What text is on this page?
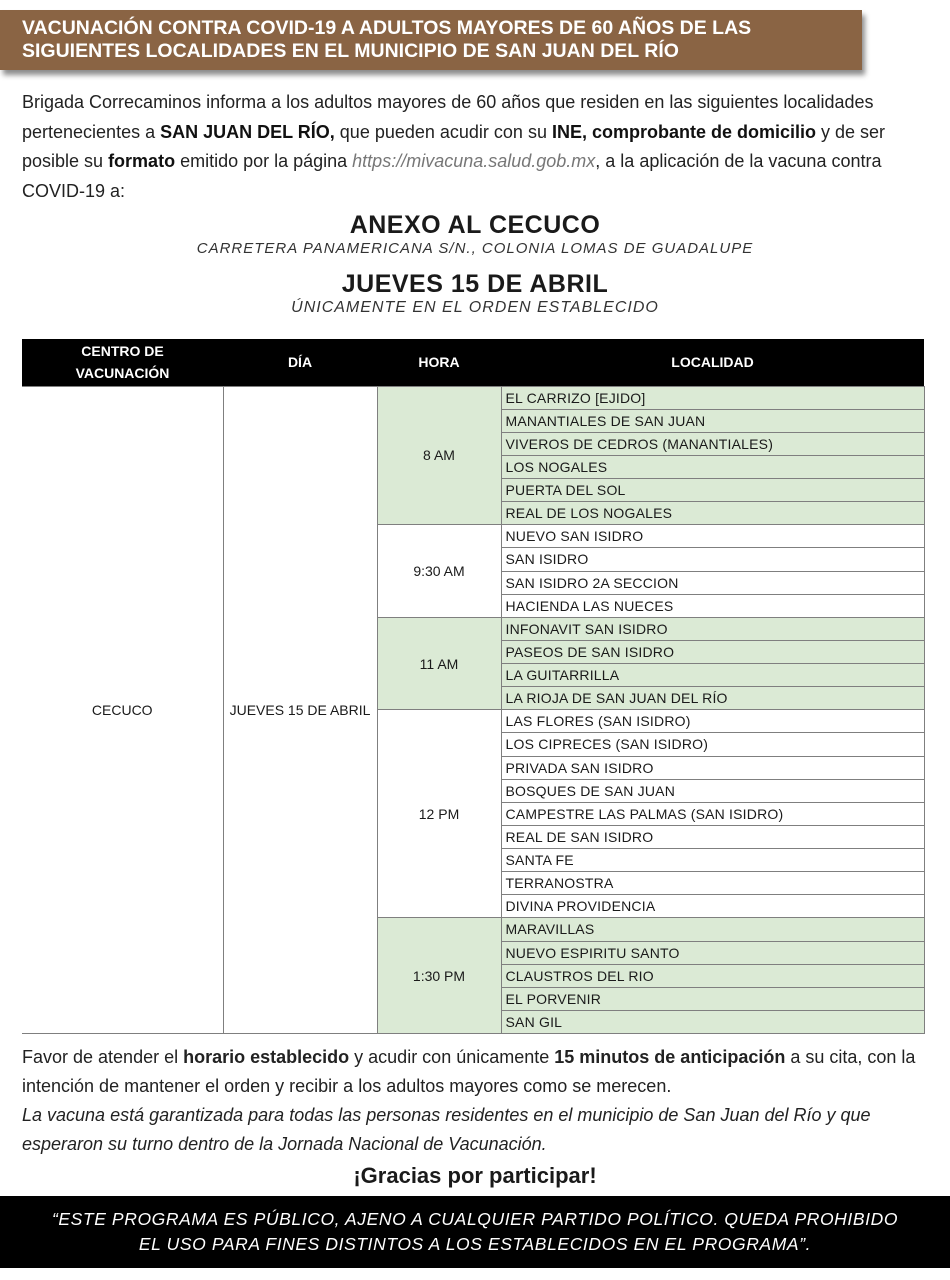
VACUNACIÓN CONTRA COVID-19 A ADULTOS MAYORES DE 60 AÑOS DE LAS
SIGUIENTES LOCALIDADES EN EL MUNICIPIO DE SAN JUAN DEL RÍO

Brigada Correcaminos informa a los adultos mayores de 60 años que residen en las siguientes localidades pertenecientes a SAN JUAN DEL RÍO, que pueden acudir con su INE, comprobante de domicilio y de ser posible su formato emitido por la página https://mivacuna.salud.gob.mx, a la aplicación de la vacuna contra COVID-19 a:

ANEXO AL CECUCO
CARRETERA PANAMERICANA S/N., COLONIA LOMAS DE GUADALUPE
JUEVES 15 DE ABRIL
ÚNICAMENTE EN EL ORDEN ESTABLECIDO
CENTRO DE
VACUNACIÓN	DÍA	HORA	LOCALIDAD
CECUCO	JUEVES 15 DE ABRIL	8 AM	EL CARRIZO [EJIDO]
			MANANTIALES DE SAN JUAN
			VIVEROS DE CEDROS (MANANTIALES)
			LOS NOGALES
			PUERTA DEL SOL
			REAL DE LOS NOGALES
		9:30 AM	NUEVO SAN ISIDRO
			SAN ISIDRO
			SAN ISIDRO 2A SECCION
			HACIENDA LAS NUECES
		11 AM	INFONAVIT SAN ISIDRO
			PASEOS DE SAN ISIDRO
			LA GUITARRILLA
			LA RIOJA DE SAN JUAN DEL RÍO
		12 PM	LAS FLORES (SAN ISIDRO)
			LOS CIPRECES (SAN ISIDRO)
			PRIVADA SAN ISIDRO
			BOSQUES DE SAN JUAN
			CAMPESTRE LAS PALMAS (SAN ISIDRO)
			REAL DE SAN ISIDRO
			SANTA FE
			TERRANOSTRA
			DIVINA PROVIDENCIA
		1:30 PM	MARAVILLAS
			NUEVO ESPIRITU SANTO
			CLAUSTROS DEL RIO
			EL PORVENIR
			SAN GIL
Favor de atender el horario establecido y acudir con únicamente 15 minutos de anticipación a su cita, con la intención de mantener el orden y recibir a los adultos mayores como se merecen.
La vacuna está garantizada para todas las personas residentes en el municipio de San Juan del Río y que esperaron su turno dentro de la Jornada Nacional de Vacunación.
¡Gracias por participar!
“ESTE PROGRAMA ES PÚBLICO, AJENO A CUALQUIER PARTIDO POLÍTICO. QUEDA PROHIBIDO
EL USO PARA FINES DISTINTOS A LOS ESTABLECIDOS EN EL PROGRAMA”.
